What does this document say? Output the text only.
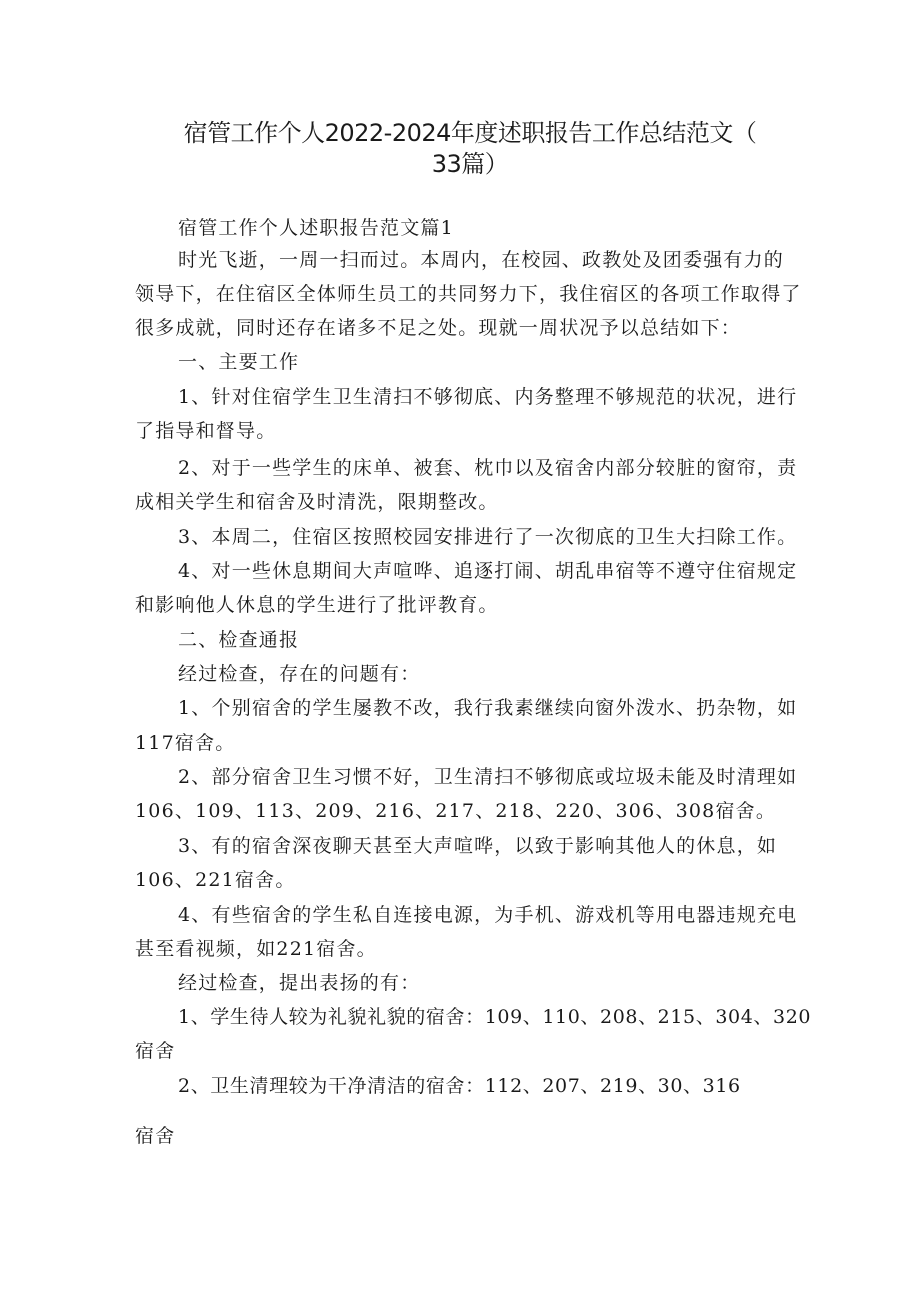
宿管工作个人2022-2024年度述职报告工作总结范文（
33篇）

宿管工作个人述职报告范文篇1

时光飞逝，一周一扫而过。本周内，在校园、政教处及团委强有力的

领导下，在住宿区全体师生员工的共同努力下，我住宿区的各项工作取得了

很多成就，同时还存在诸多不足之处。现就一周状况予以总结如下：

一、主要工作

1、针对住宿学生卫生清扫不够彻底、内务整理不够规范的状况，进行

了指导和督导。

2、对于一些学生的床单、被套、枕巾以及宿舍内部分较脏的窗帘，责

成相关学生和宿舍及时清洗，限期整改。

3、本周二，住宿区按照校园安排进行了一次彻底的卫生大扫除工作。

4、对一些休息期间大声喧哗、追逐打闹、胡乱串宿等不遵守住宿规定

和影响他人休息的学生进行了批评教育。

二、检查通报

经过检查，存在的问题有：

1、个别宿舍的学生屡教不改，我行我素继续向窗外泼水、扔杂物，如

117宿舍。

2、部分宿舍卫生习惯不好，卫生清扫不够彻底或垃圾未能及时清理如

106、109、113、209、216、217、218、220、306、308宿舍。

3、有的宿舍深夜聊天甚至大声喧哗，以致于影响其他人的休息，如

106、221宿舍。

4、有些宿舍的学生私自连接电源，为手机、游戏机等用电器违规充电

甚至看视频，如221宿舍。

经过检查，提出表扬的有：

1、学生待人较为礼貌礼貌的宿舍：109、110、208、215、304、320

宿舍

2、卫生清理较为干净清洁的宿舍：112、207、219、30、316

宿舍
